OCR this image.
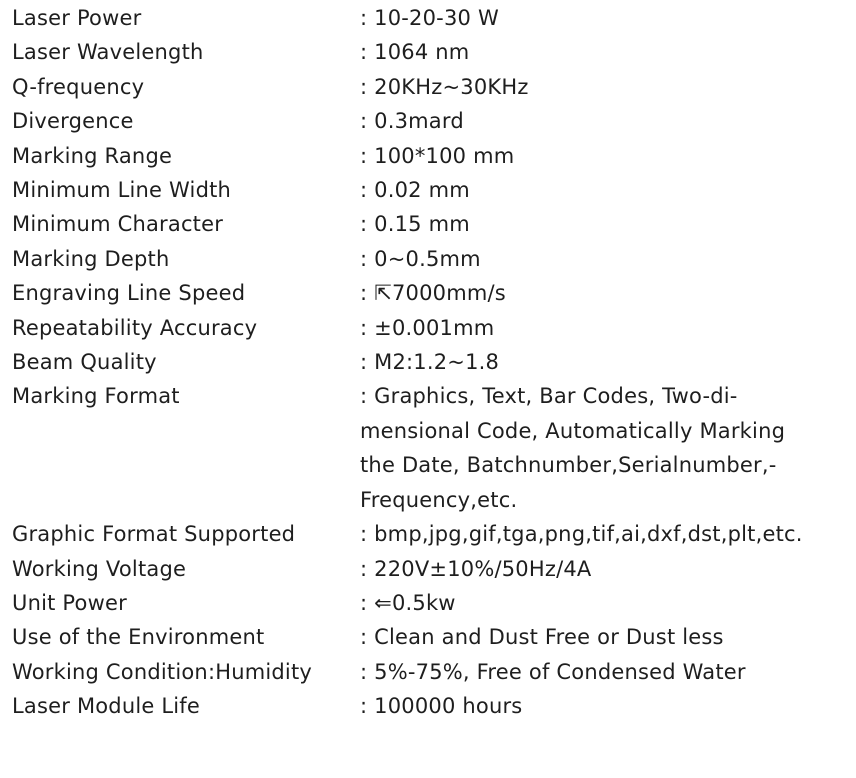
Laser Power	: 10-20-30 W
Laser Wavelength	: 1064 nm
Q-frequency	: 20KHz~30KHz
Divergence	: 0.3mard
Marking Range	: 100*100 mm
Minimum Line Width	: 0.02 mm
Minimum Character	: 0.15 mm
Marking Depth	: 0~0.5mm
Engraving Line Speed	: ⇱7000mm/s
Repeatability Accuracy	: ±0.001mm
Beam Quality	: M2:1.2~1.8
Marking Format	: Graphics, Text, Bar Codes, Two-di-
mensional Code, Automatically Marking
the Date, Batchnumber,Serialnumber,-
Frequency,etc.
Graphic Format Supported	: bmp,jpg,gif,tga,png,tif,ai,dxf,dst,plt,etc.
Working Voltage	: 220V±10%/50Hz/4A
Unit Power	: ⇐0.5kw
Use of the Environment	: Clean and Dust Free or Dust less
Working Condition:Humidity	: 5%-75%, Free of Condensed Water
Laser Module Life	: 100000 hours
